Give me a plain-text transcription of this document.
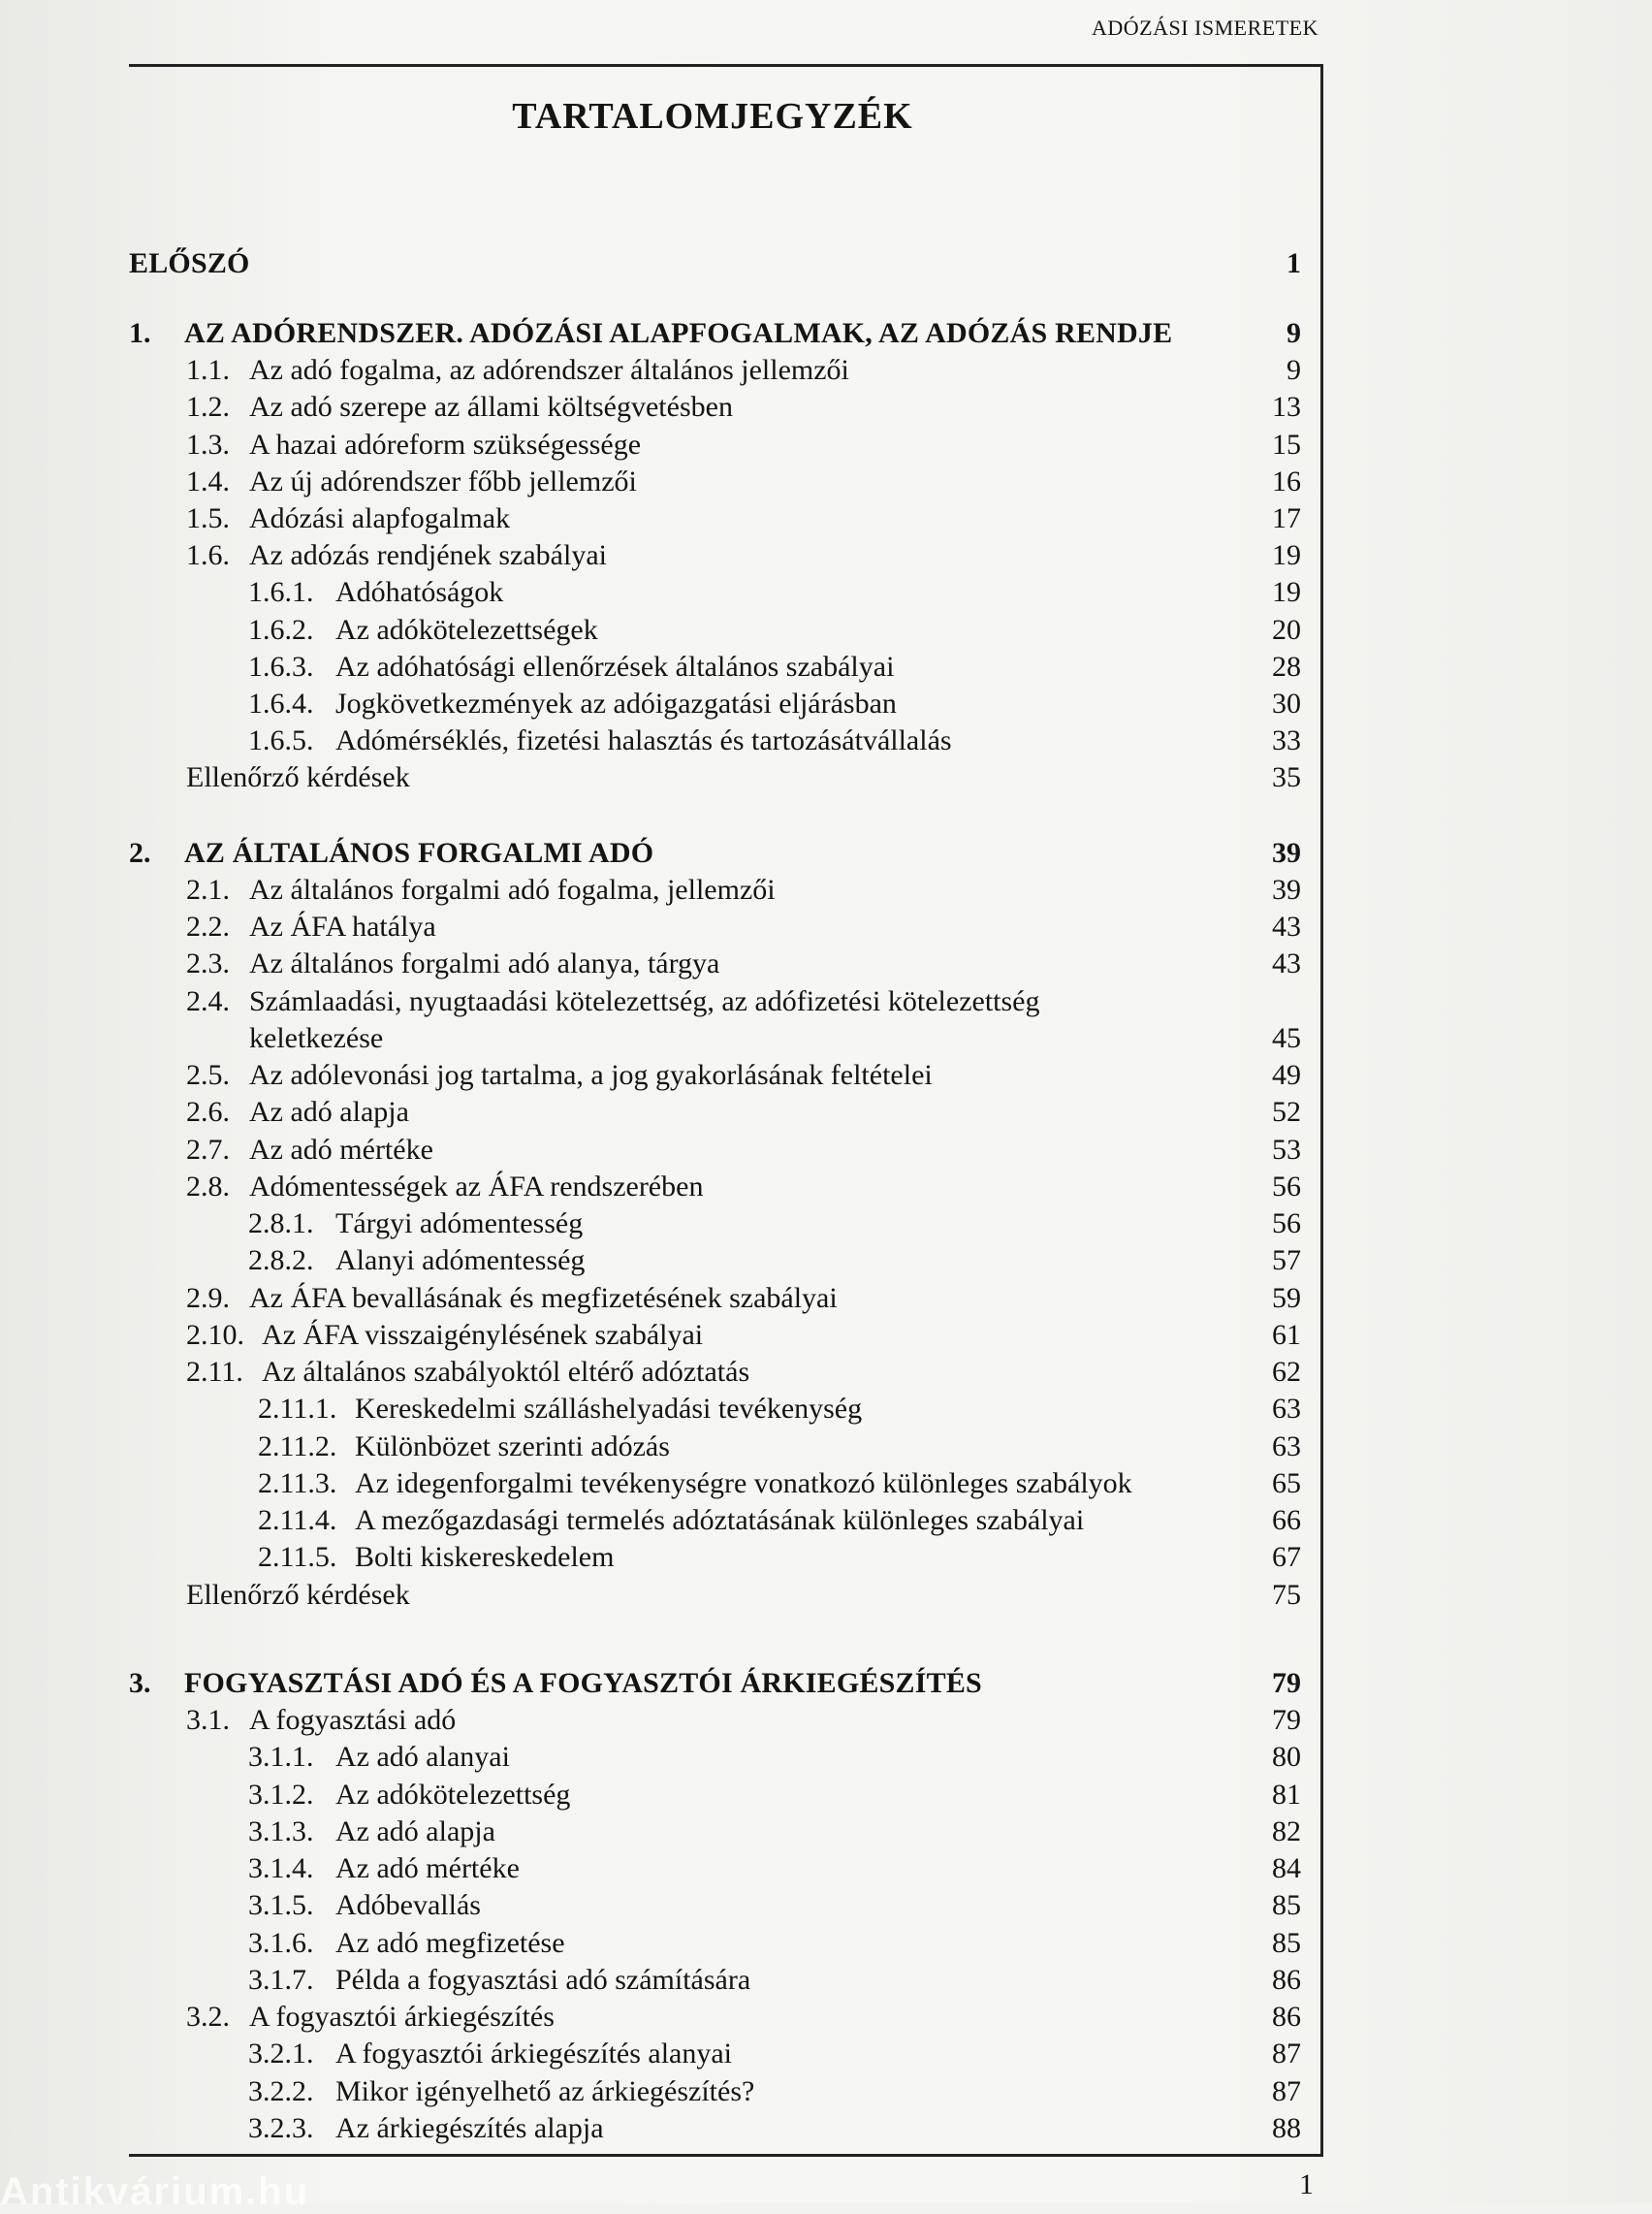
ADÓZÁSI ISMERETEK
TARTALOMJEGYZÉK
ELŐSZÓ	1
1. AZ ADÓRENDSZER. ADÓZÁSI ALAPFOGALMAK, AZ ADÓZÁS RENDJE	9
1.1. Az adó fogalma, az adórendszer általános jellemzői	9
1.2. Az adó szerepe az állami költségvetésben	13
1.3. A hazai adóreform szükségessége	15
1.4. Az új adórendszer főbb jellemzői	16
1.5. Adózási alapfogalmak	17
1.6. Az adózás rendjének szabályai	19
1.6.1. Adóhatóságok	19
1.6.2. Az adókötelezettségek	20
1.6.3. Az adóhatósági ellenőrzések általános szabályai	28
1.6.4. Jogkövetkezmények az adóigazgatási eljárásban	30
1.6.5. Adómérséklés, fizetési halasztás és tartozásátvállalás	33
Ellenőrző kérdések	35
2. AZ ÁLTALÁNOS FORGALMI ADÓ	39
2.1. Az általános forgalmi adó fogalma, jellemzői	39
2.2. Az ÁFA hatálya	43
2.3. Az általános forgalmi adó alanya, tárgya	43
2.4. Számlaadási, nyugtaadási kötelezettség, az adófizetési kötelezettség
keletkezése	45
2.5. Az adólevonási jog tartalma, a jog gyakorlásának feltételei	49
2.6. Az adó alapja	52
2.7. Az adó mértéke	53
2.8. Adómentességek az ÁFA rendszerében	56
2.8.1. Tárgyi adómentesség	56
2.8.2. Alanyi adómentesség	57
2.9. Az ÁFA bevallásának és megfizetésének szabályai	59
2.10. Az ÁFA visszaigénylésének szabályai	61
2.11. Az általános szabályoktól eltérő adóztatás	62
2.11.1. Kereskedelmi szálláshelyadási tevékenység	63
2.11.2. Különbözet szerinti adózás	63
2.11.3. Az idegenforgalmi tevékenységre vonatkozó különleges szabályok	65
2.11.4. A mezőgazdasági termelés adóztatásának különleges szabályai	66
2.11.5. Bolti kiskereskedelem	67
Ellenőrző kérdések	75
3. FOGYASZTÁSI ADÓ ÉS A FOGYASZTÓI ÁRKIEGÉSZÍTÉS	79
3.1. A fogyasztási adó	79
3.1.1. Az adó alanyai	80
3.1.2. Az adókötelezettség	81
3.1.3. Az adó alapja	82
3.1.4. Az adó mértéke	84
3.1.5. Adóbevallás	85
3.1.6. Az adó megfizetése	85
3.1.7. Példa a fogyasztási adó számítására	86
3.2. A fogyasztói árkiegészítés	86
3.2.1. A fogyasztói árkiegészítés alanyai	87
3.2.2. Mikor igényelhető az árkiegészítés?	87
3.2.3. Az árkiegészítés alapja	88
1
Antikvárium.hu
